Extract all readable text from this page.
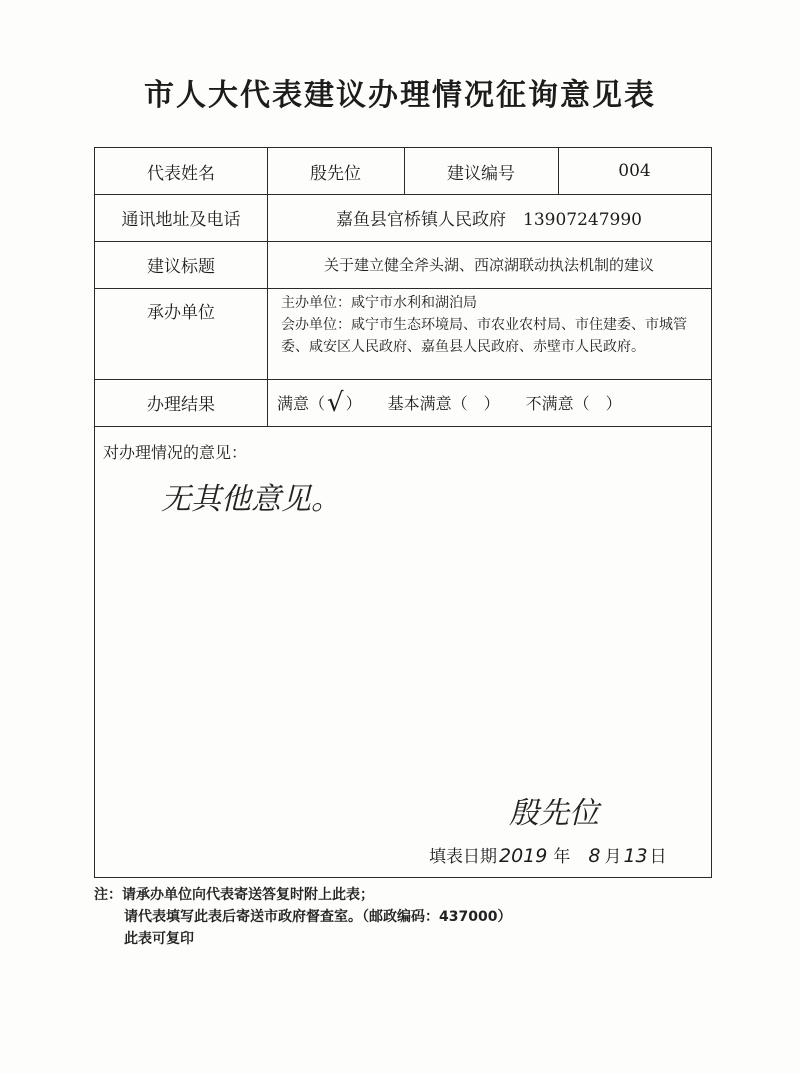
市人大代表建议办理情况征询意见表
代表姓名	殷先位	建议编号	004
通讯地址及电话	嘉鱼县官桥镇人民政府　13907247990
建议标题	关于建立健全斧头湖、西凉湖联动执法机制的建议
承办单位	主办单位：咸宁市水利和湖泊局
会办单位：咸宁市生态环境局、市农业农村局、市住建委、市城管委、咸安区人民政府、嘉鱼县人民政府、赤壁市人民政府。
办理结果	满意（ √ ） 基本满意（　） 不满意（　）
对办理情况的意见：
无其他意见。
殷先位
填表日期 2019 年 8 月 13 日
注：请承办单位向代表寄送答复时附上此表；
请代表填写此表后寄送市政府督查室。（邮政编码：437000）
此表可复印
